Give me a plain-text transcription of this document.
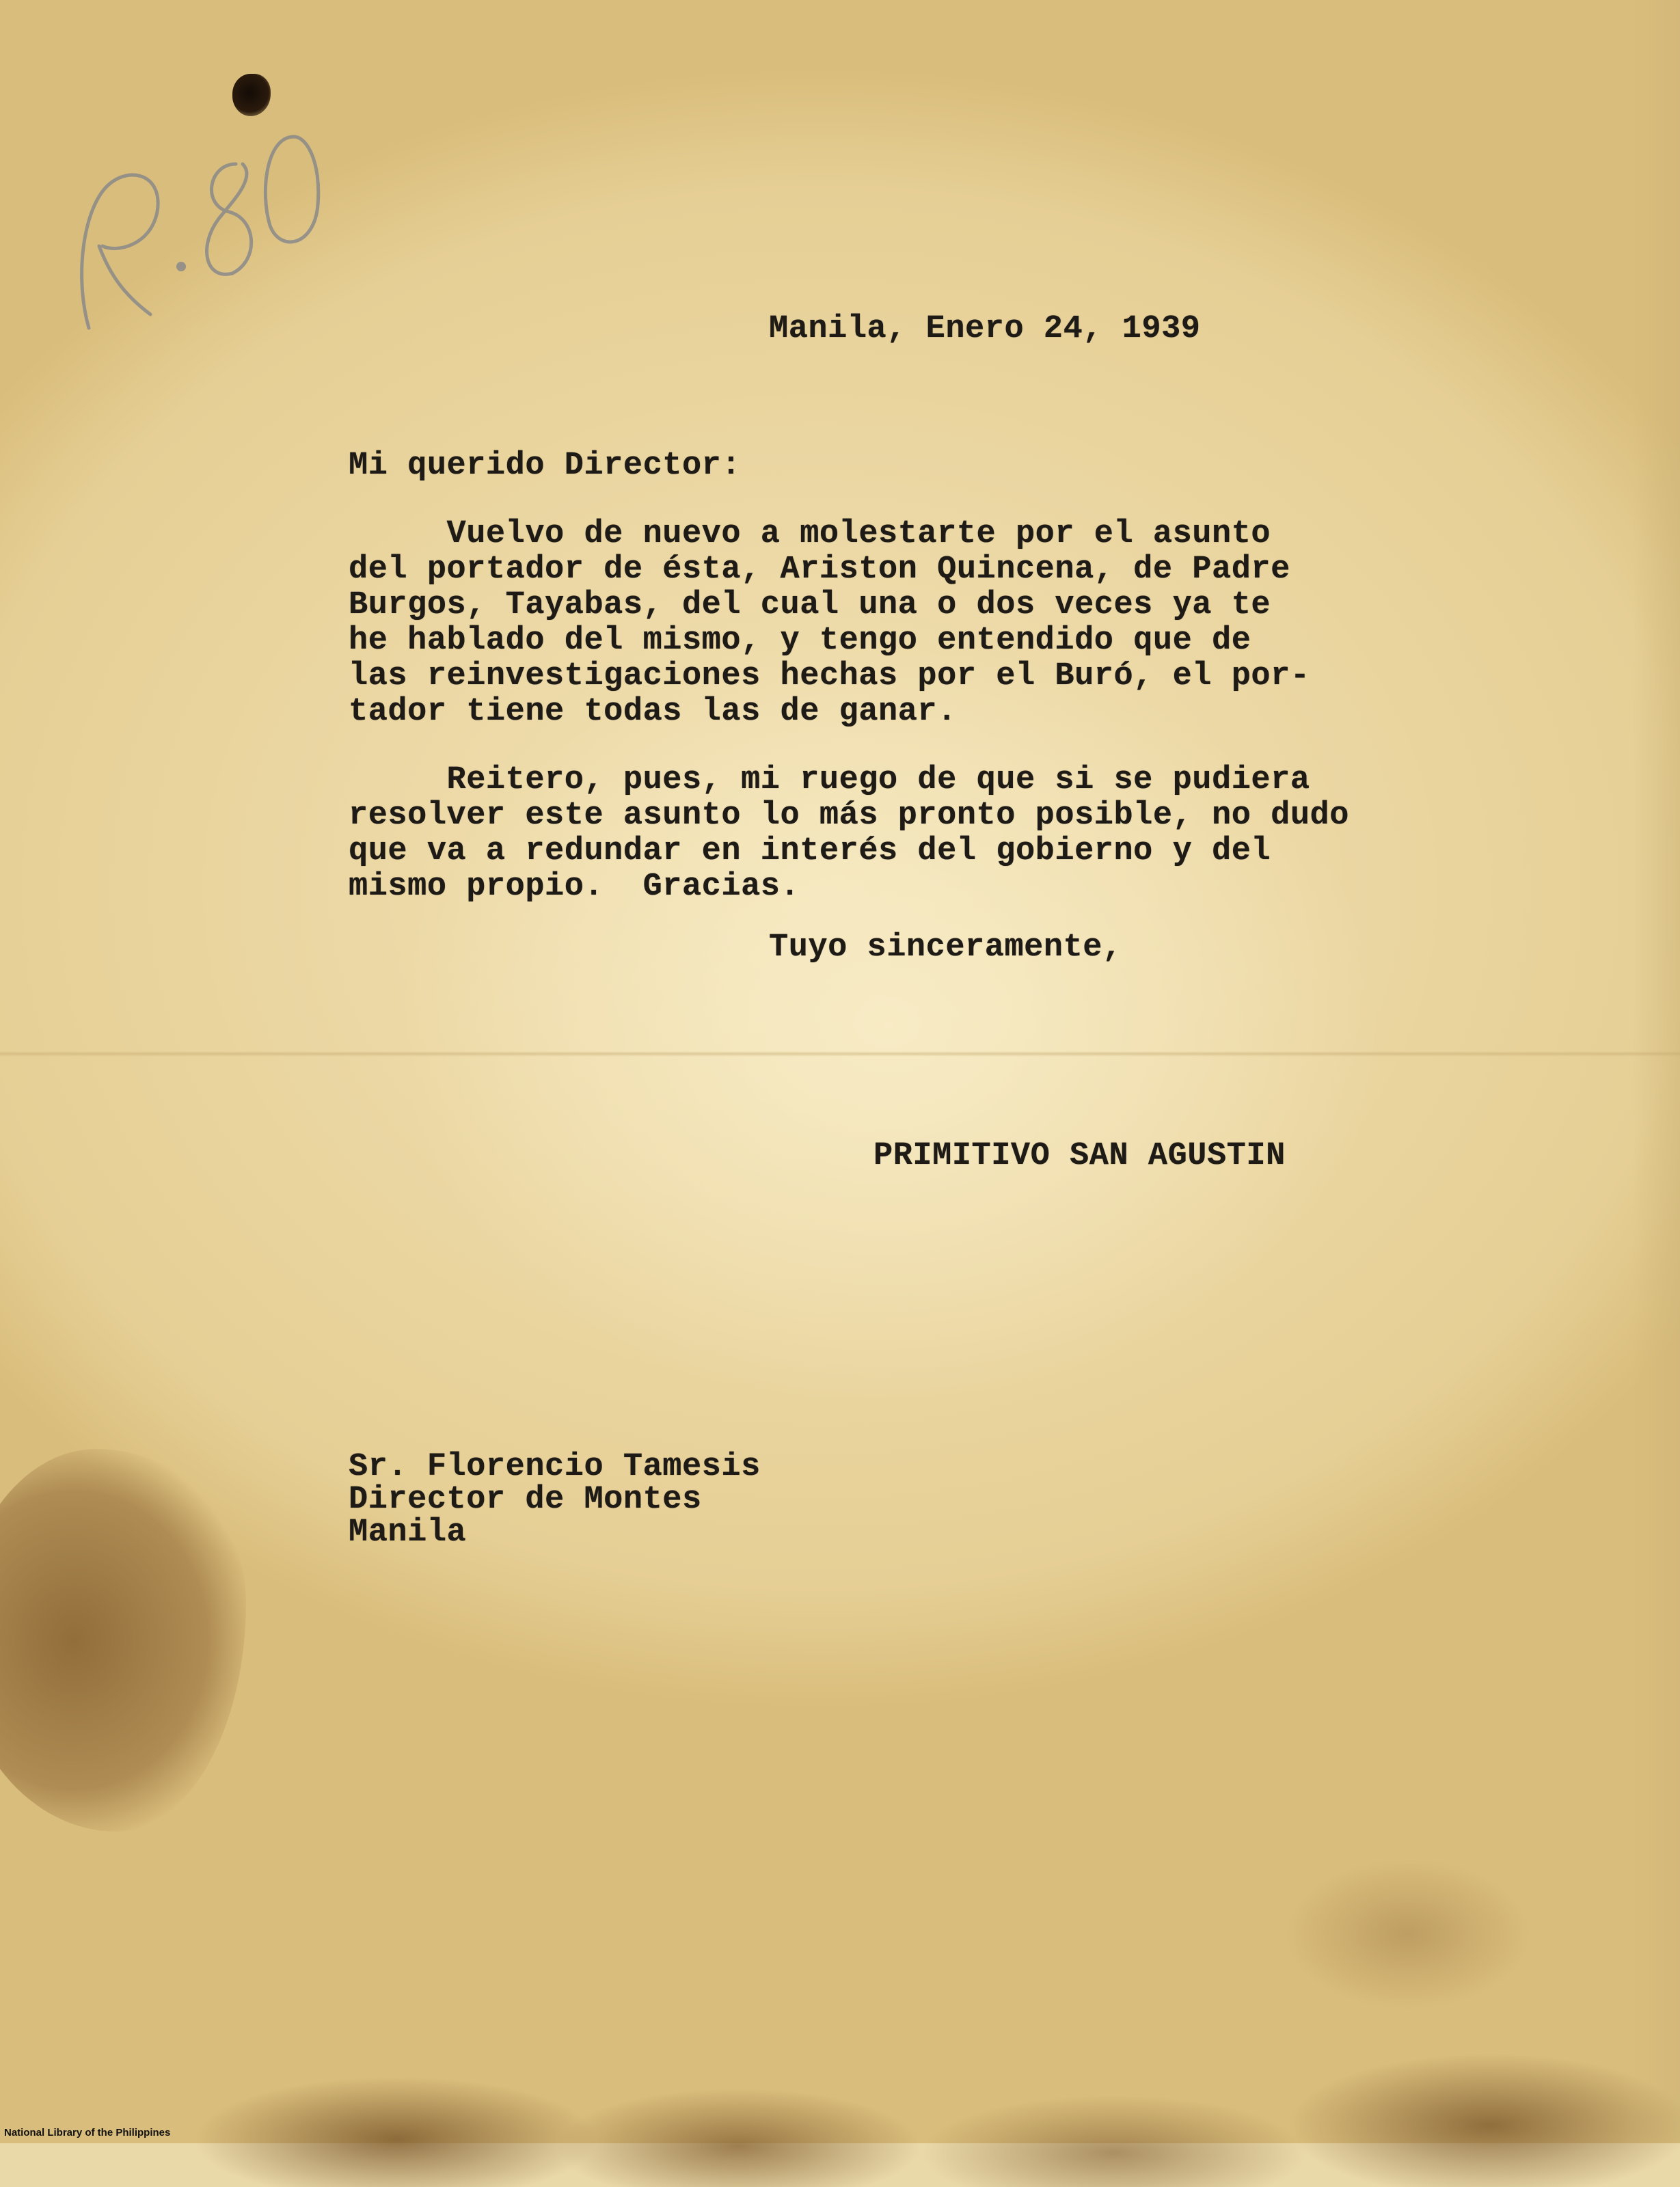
Manila, Enero 24, 1939

Mi querido Director:

Vuelvo de nuevo a molestarte por el asunto

del portador de ésta, Ariston Quincena, de Padre

Burgos, Tayabas, del cual una o dos veces ya te

he hablado del mismo, y tengo entendido que de

las reinvestigaciones hechas por el Buró, el por-

tador tiene todas las de ganar.

Reitero, pues, mi ruego de que si se pudiera

resolver este asunto lo más pronto posible, no dudo

que va a redundar en interés del gobierno y del

mismo propio.  Gracias.

Tuyo sinceramente,

PRIMITIVO SAN AGUSTIN

Sr. Florencio Tamesis

Director de Montes

Manila

National Library of the Philippines
